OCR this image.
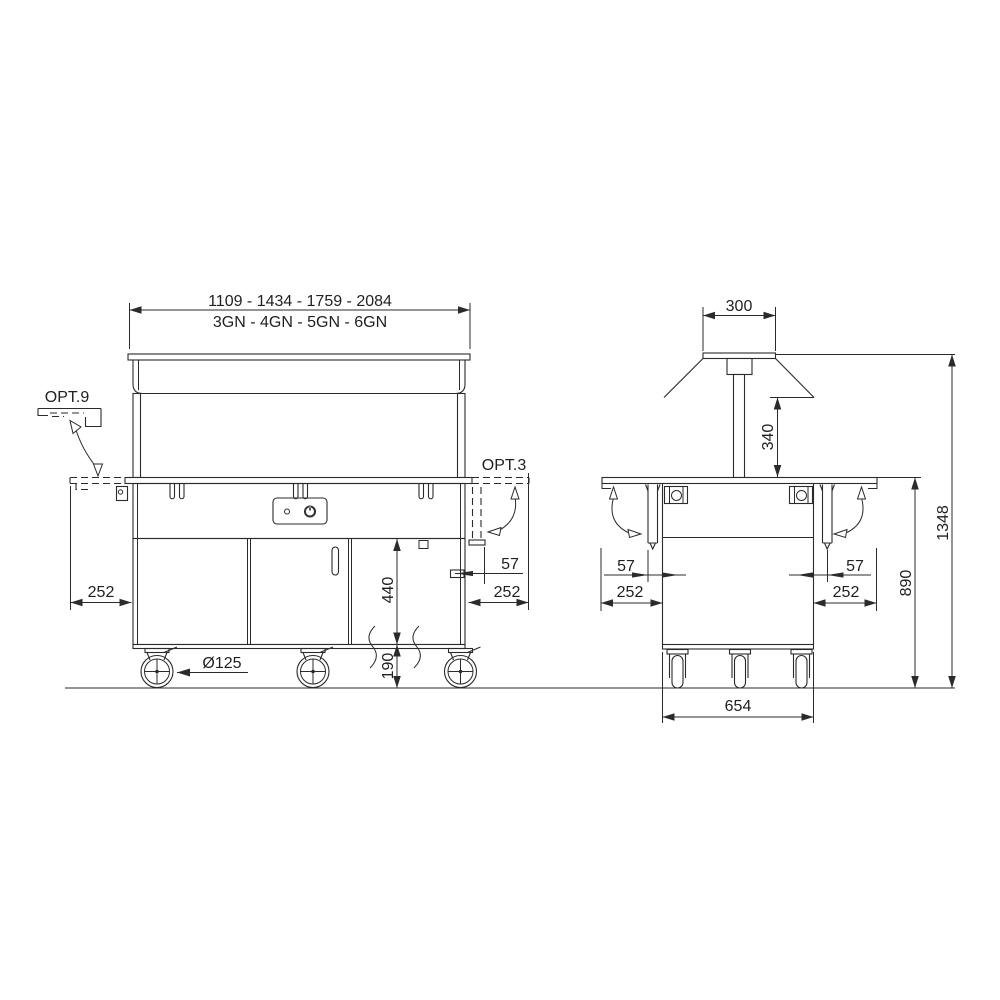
1109 - 1434 - 1759 - 2084
3GN - 4GN - 5GN - 6GN
OPT.9
OPT.3
252	252
57
440
190
Ø125
300
340
57	57
252	252
654
890
1348
